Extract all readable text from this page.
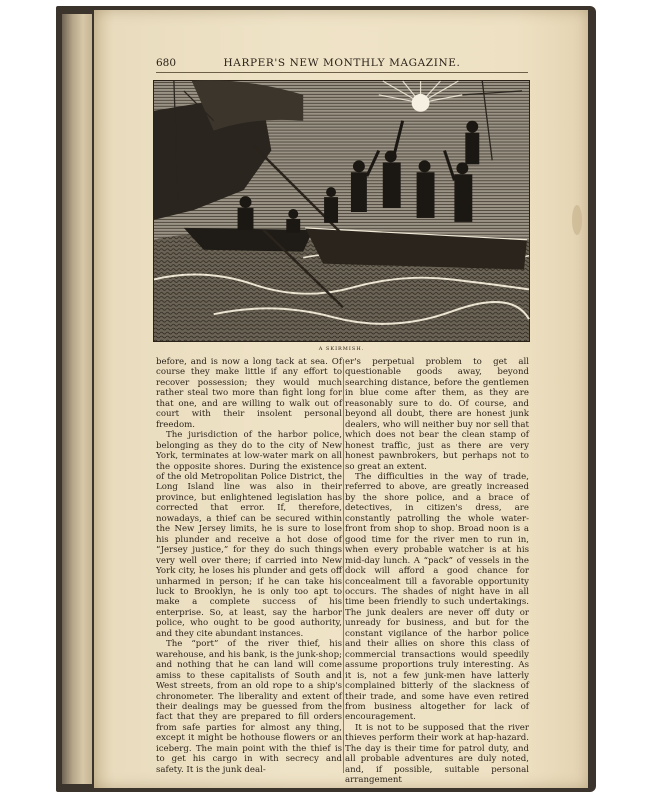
680	HARPER'S NEW MONTHLY MAGAZINE.
A SKIRMISH.

before, and is now a long tack at sea. Of course they make little if any effort to recover possession; they would much rather steal two more than fight long for that one, and are willing to walk out of court with their insolent personal freedom.

The jurisdiction of the harbor police, belonging as they do to the city of New York, terminates at low-water mark on all the opposite shores. During the existence of the old Metropolitan Police District, the Long Island line was also in their province, but enlightened legislation has corrected that error. If, therefore, nowadays, a thief can be secured within the New Jersey limits, he is sure to lose his plunder and receive a hot dose of “Jersey justice,” for they do such things very well over there; if carried into New York city, he loses his plunder and gets off unharmed in person; if he can take his luck to Brooklyn, he is only too apt to make a complete success of his enterprise. So, at least, say the harbor police, who ought to be good authority, and they cite abundant instances.

The “port” of the river thief, his warehouse, and his bank, is the junk-shop; and nothing that he can land will come amiss to these capitalists of South and West streets, from an old rope to a ship's chronometer. The liberality and extent of their dealings may be guessed from the fact that they are prepared to fill orders from safe parties for almost any thing, except it might be hothouse flowers or an iceberg. The main point with the thief is to get his cargo in with secrecy and safety. It is the junk deal-

er's perpetual problem to get all questionable goods away, beyond searching distance, before the gentlemen in blue come after them, as they are reasonably sure to do. Of course, and beyond all doubt, there are honest junk dealers, who will neither buy nor sell that which does not bear the clean stamp of honest traffic, just as there are very honest pawnbrokers, but perhaps not to so great an extent.

The difficulties in the way of trade, referred to above, are greatly increased by the shore police, and a brace of detectives, in citizen's dress, are constantly patrolling the whole water-front from shop to shop. Broad noon is a good time for the river men to run in, when every probable watcher is at his mid-day lunch. A “pack” of vessels in the dock will afford a good chance for concealment till a favorable opportunity occurs. The shades of night have in all time been friendly to such undertakings. The junk dealers are never off duty or unready for business, and but for the constant vigilance of the harbor police and their allies on shore this class of commercial transactions would speedily assume proportions truly interesting. As it is, not a few junk-men have latterly complained bitterly of the slackness of their trade, and some have even retired from business altogether for lack of encouragement.

It is not to be supposed that the river thieves perform their work at hap-hazard. The day is their time for patrol duty, and all probable adventures are duly noted, and, if possible, suitable personal arrangement
